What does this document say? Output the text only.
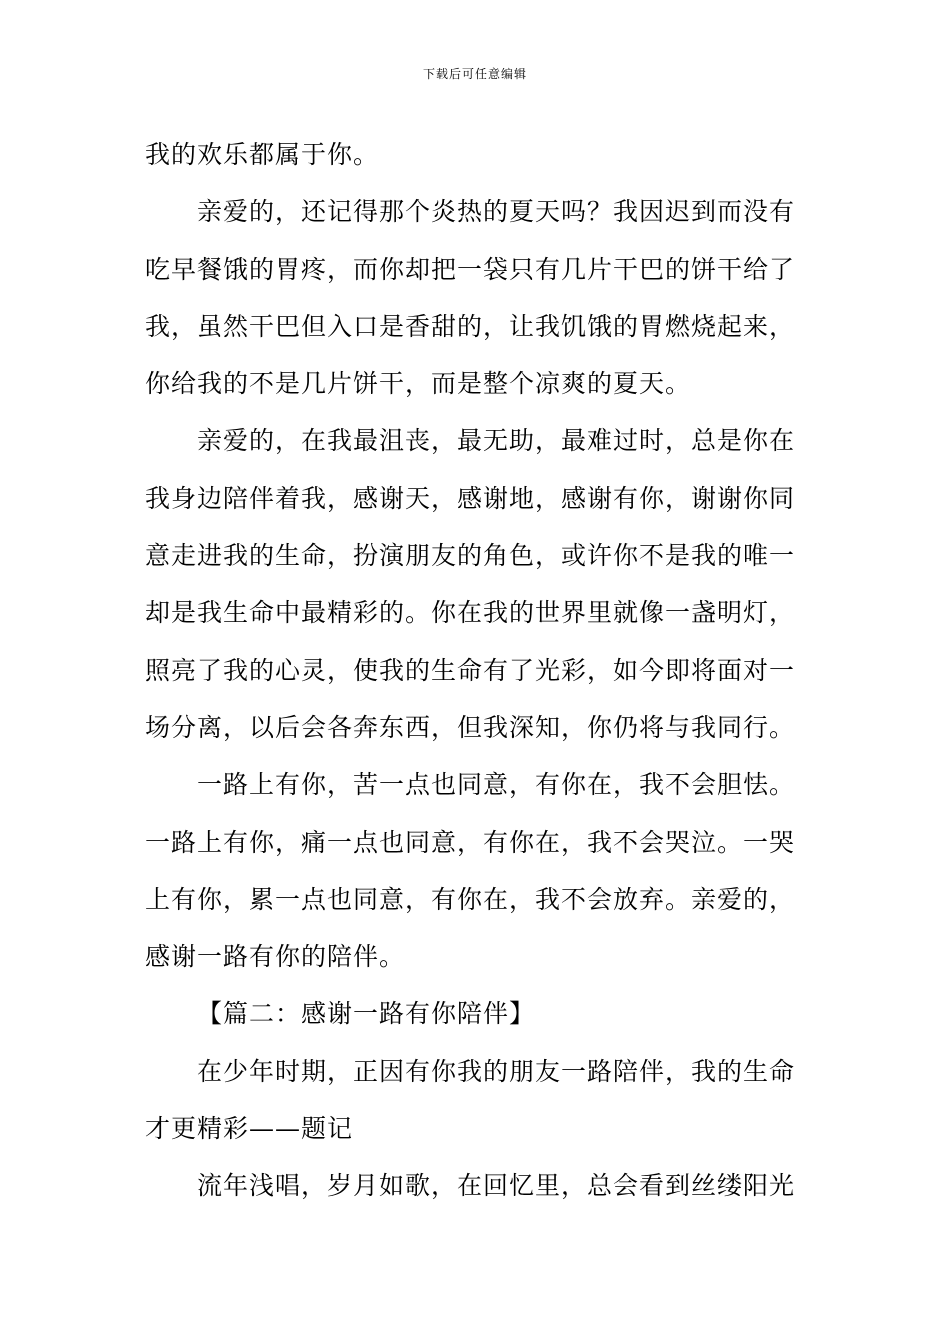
下载后可任意编辑
我的欢乐都属于你。
亲爱的，还记得那个炎热的夏天吗？我因迟到而没有
吃早餐饿的胃疼，而你却把一袋只有几片干巴的饼干给了
我，虽然干巴但入口是香甜的，让我饥饿的胃燃烧起来，
你给我的不是几片饼干，而是整个凉爽的夏天。
亲爱的，在我最沮丧，最无助，最难过时，总是你在
我身边陪伴着我，感谢天，感谢地，感谢有你，谢谢你同
意走进我的生命，扮演朋友的角色，或许你不是我的唯一
却是我生命中最精彩的。你在我的世界里就像一盏明灯，
照亮了我的心灵，使我的生命有了光彩，如今即将面对一
场分离，以后会各奔东西，但我深知，你仍将与我同行。
一路上有你，苦一点也同意，有你在，我不会胆怯。
一路上有你，痛一点也同意，有你在，我不会哭泣。一哭
上有你，累一点也同意，有你在，我不会放弃。亲爱的，
感谢一路有你的陪伴。
【篇二：感谢一路有你陪伴】
在少年时期，正因有你我的朋友一路陪伴，我的生命
才更精彩——题记
流年浅唱，岁月如歌，在回忆里，总会看到丝缕阳光
